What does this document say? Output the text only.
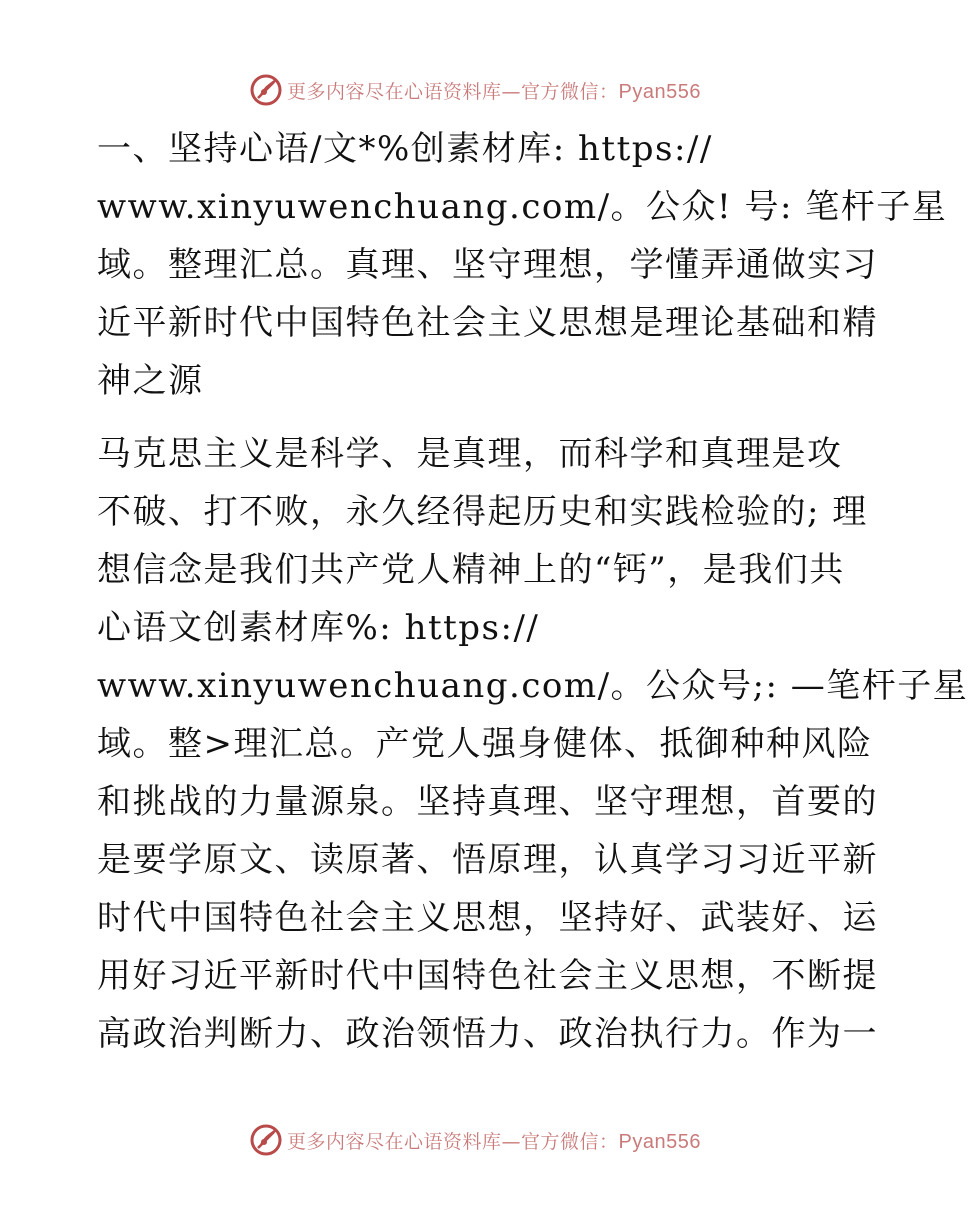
更多内容尽在心语资料库—官方微信：Pyan556
一、坚持心语/文*%创素材库: https://
www.xinyuwenchuang.com/。公众! 号: 笔杆子星
域。整理汇总。真理、坚守理想，学懂弄通做实习
近平新时代中国特色社会主义思想是理论基础和精
神之源
马克思主义是科学、是真理，而科学和真理是攻
不破、打不败，永久经得起历史和实践检验的; 理
想信念是我们共产党人精神上的“钙”，是我们共
心语文创素材库%: https://
www.xinyuwenchuang.com/。公众号;: —笔杆子星
域。整>理汇总。产党人强身健体、抵御种种风险
和挑战的力量源泉。坚持真理、坚守理想，首要的
是要学原文、读原著、悟原理，认真学习习近平新
时代中国特色社会主义思想，坚持好、武装好、运
用好习近平新时代中国特色社会主义思想，不断提
高政治判断力、政治领悟力、政治执行力。作为一
更多内容尽在心语资料库—官方微信：Pyan556
